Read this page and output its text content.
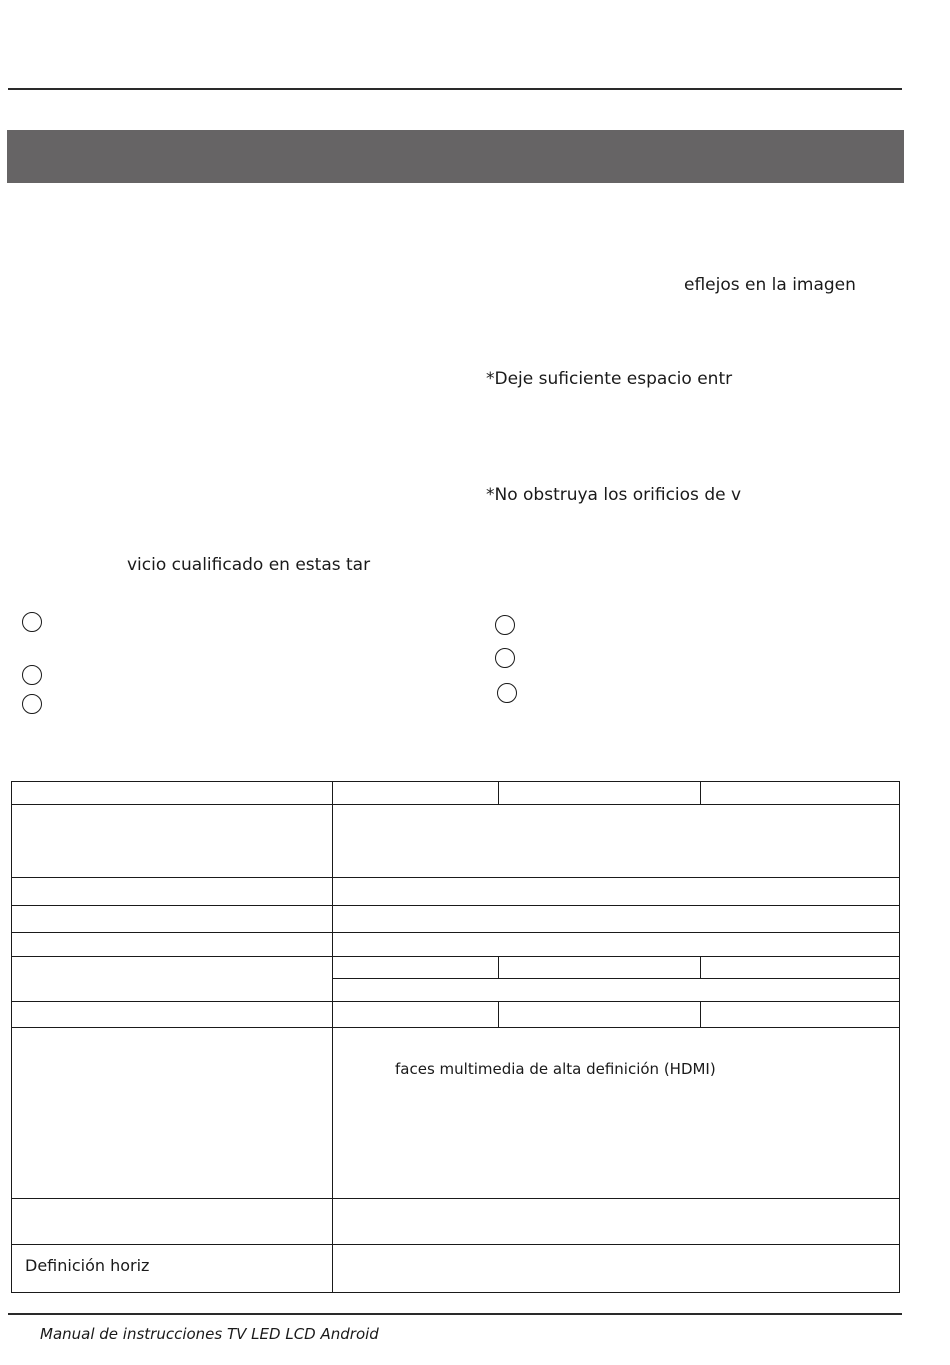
eflejos en la imagen
*Deje suficiente espacio entr
*No obstruya los orificios de v
vicio cualificado en estas tar
faces multimedia de alta definición (HDMI)
Definición horiz
Manual de instrucciones TV LED LCD Android
